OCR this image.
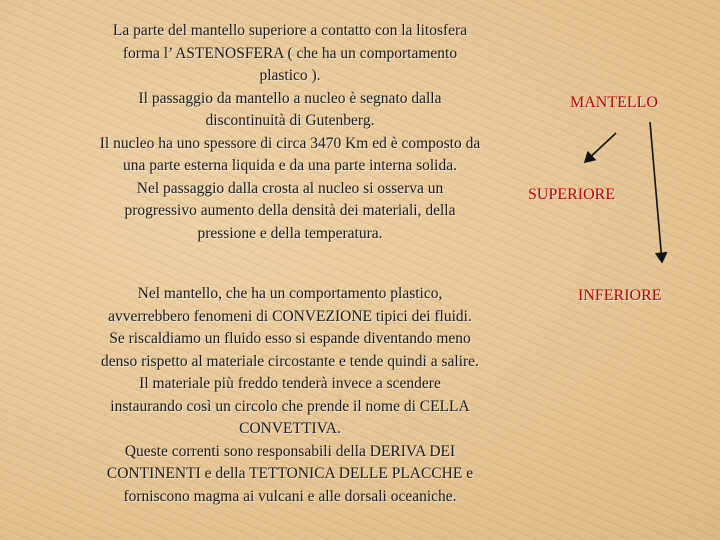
La parte del mantello superiore a contatto con la litosfera
forma l’ ASTENOSFERA ( che ha un comportamento
plastico ).
Il passaggio da mantello a nucleo è segnato dalla
discontinuità di Gutenberg.
Il nucleo ha uno spessore di circa 3470 Km ed è composto da
una parte esterna liquida e da una parte interna solida.
Nel passaggio dalla crosta al nucleo si osserva un
progressivo aumento della densità dei materiali, della
pressione e della temperatura.
Nel mantello, che ha un comportamento plastico,
avverrebbero fenomeni di CONVEZIONE tipici dei fluidi.
Se riscaldiamo un fluido esso si espande diventando meno
denso rispetto al materiale circostante e tende quindi a salire.
Il materiale più freddo tenderà invece a scendere
instaurando così un circolo che prende il nome di CELLA
CONVETTIVA.
Queste correnti sono responsabili della DERIVA DEI
CONTINENTI e della TETTONICA DELLE PLACCHE e
forniscono magma ai vulcani e alle dorsali oceaniche.
MANTELLO
SUPERIORE
INFERIORE
